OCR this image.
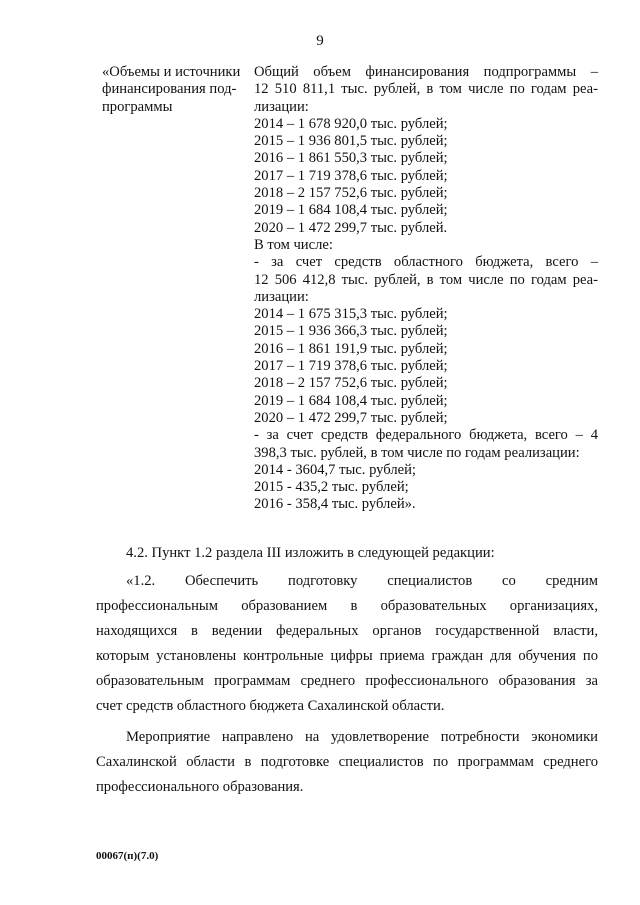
9
«Объемы и источники
финансирования под-
программы
Общий объем финансирования подпрограммы –
12 510 811,1 тыс. рублей, в том числе по годам реа-
лизации:
2014 – 1 678 920,0 тыс. рублей;
2015 – 1 936 801,5 тыс. рублей;
2016 – 1 861 550,3 тыс. рублей;
2017 – 1 719 378,6 тыс. рублей;
2018 – 2 157 752,6 тыс. рублей;
2019 – 1 684 108,4 тыс. рублей;
2020 – 1 472 299,7 тыс. рублей.
В том числе:
- за счет средств областного бюджета, всего –
12 506 412,8 тыс. рублей, в том числе по годам реа-
лизации:
2014 – 1 675 315,3 тыс. рублей;
2015 – 1 936 366,3 тыс. рублей;
2016 – 1 861 191,9 тыс. рублей;
2017 – 1 719 378,6 тыс. рублей;
2018 – 2 157 752,6 тыс. рублей;
2019 – 1 684 108,4 тыс. рублей;
2020 – 1 472 299,7 тыс. рублей;
- за счет средств федерального бюджета, всего – 4
398,3 тыс. рублей, в том числе по годам реализации:
2014 - 3604,7 тыс. рублей;
2015 - 435,2 тыс. рублей;
2016 - 358,4 тыс. рублей».
4.2. Пункт 1.2 раздела III изложить в следующей редакции:
«1.2. Обеспечить подготовку специалистов со средним
профессиональным образованием в образовательных организациях,
находящихся в ведении федеральных органов государственной власти,
которым установлены контрольные цифры приема граждан для обучения по
образовательным программам среднего профессионального образования за
счет средств областного бюджета Сахалинской области.
Мероприятие направлено на удовлетворение потребности экономики
Сахалинской области в подготовке специалистов по программам среднего
профессионального образования.
00067(п)(7.0)
